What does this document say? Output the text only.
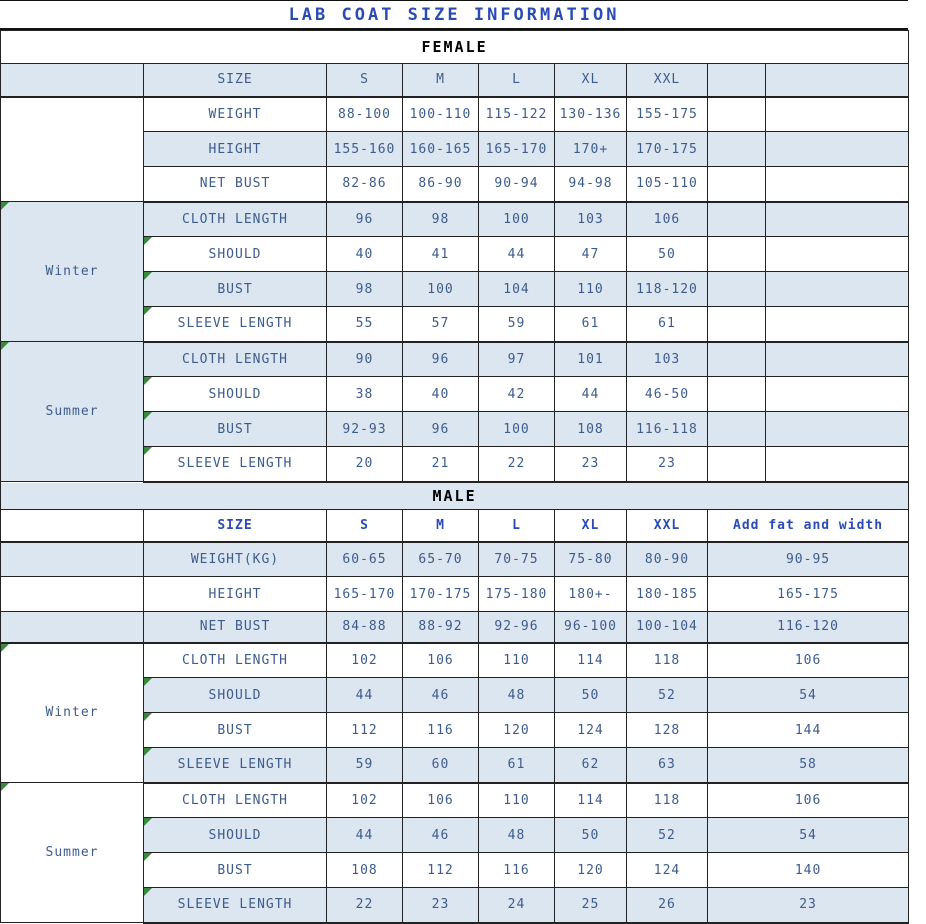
LAB COAT SIZE INFORMATION
FEMALE								
	SIZE	S	M	L	XL	XXL		
	WEIGHT	88-100	100-110	115-122	130-136	155-175		
	HEIGHT	155-160	160-165	165-170	170+	170-175		
	NET BUST	82-86	86-90	90-94	94-98	105-110		

Winter	CLOTH LENGTH	96	98	100	103	106		

SHOULD	40	41	44	47	50		

BUST	98	100	104	110	118-120		

SLEEVE LENGTH	55	57	59	61	61		

Summer	CLOTH LENGTH	90	96	97	101	103		

SHOULD	38	40	42	44	46-50		

BUST	92-93	96	100	108	116-118		

SLEEVE LENGTH	20	21	22	23	23		
MALE								
	SIZE	S	M	L	XL	XXL	Add fat and width	
	WEIGHT(KG)	60-65	65-70	70-75	75-80	80-90	90-95	
	HEIGHT	165-170	170-175	175-180	180+-	180-185	165-175	
	NET BUST	84-88	88-92	92-96	96-100	100-104	116-120	

Winter	CLOTH LENGTH	102	106	110	114	118	106	

SHOULD	44	46	48	50	52	54	

BUST	112	116	120	124	128	144	

SLEEVE LENGTH	59	60	61	62	63	58	

Summer	CLOTH LENGTH	102	106	110	114	118	106	

SHOULD	44	46	48	50	52	54	

BUST	108	112	116	120	124	140	

SLEEVE LENGTH	22	23	24	25	26	23	
